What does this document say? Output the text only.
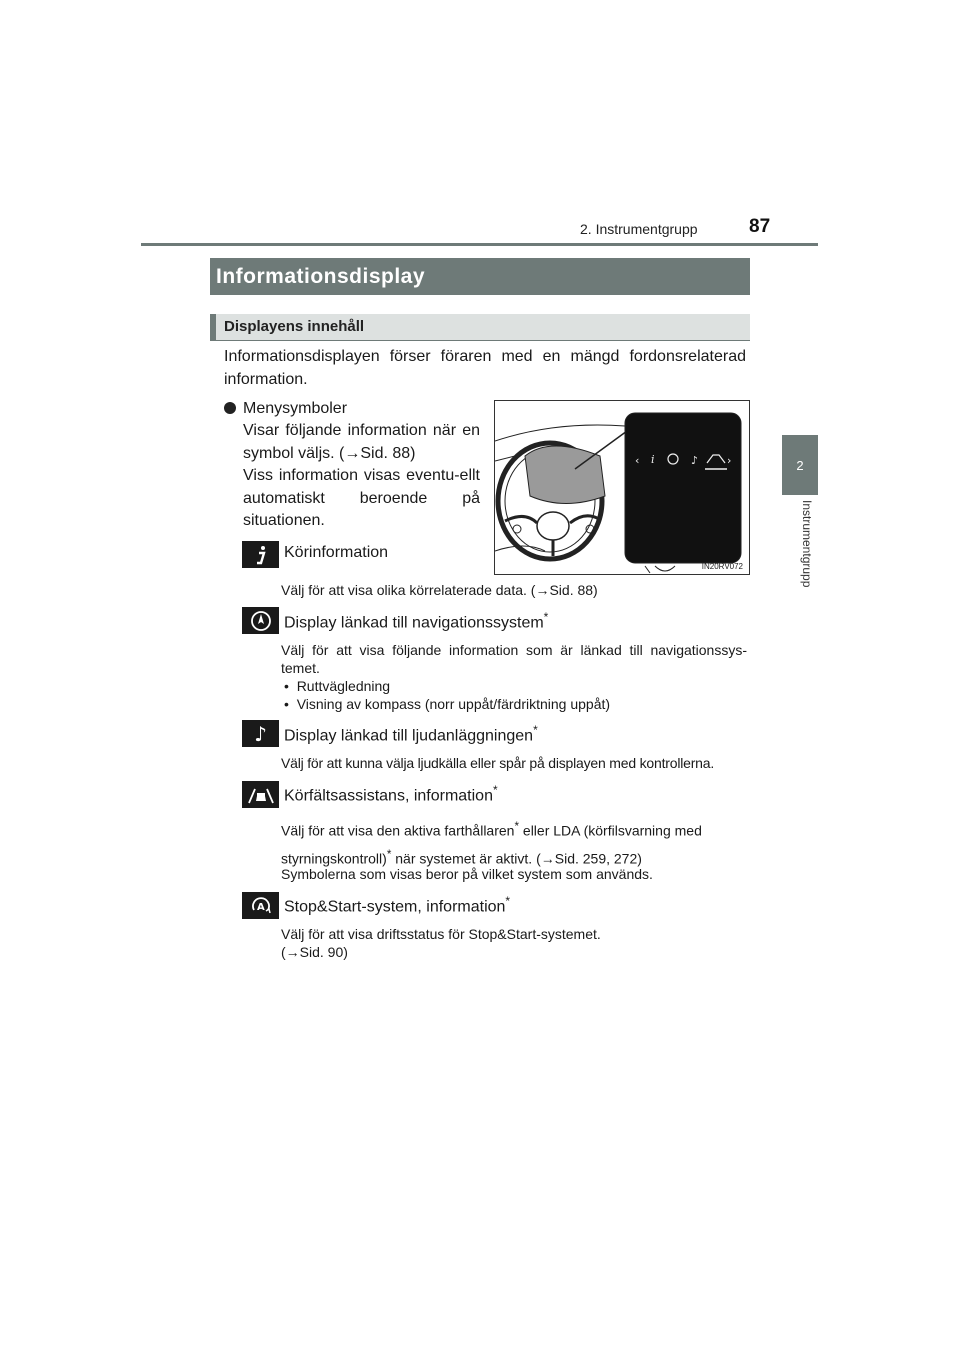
2. Instrumentgrupp	87
2
Instrumentgrupp
Informationsdisplay
Displayens innehåll
Informationsdisplayen förser föraren med en mängd fordonsrelaterad information.
Menysymboler

Visar följande information när en symbol väljs. (→Sid. 88)

Viss information visas eventu-ellt automatiskt beroende på situationen.

‹ i	♪	›
IN20RV072
Körinformation
Välj för att visa olika körrelaterade data. (→Sid. 88)
Display länkad till navigationssystem*
Välj för att visa följande information som är länkad till navigationssys-temet.
•  Ruttvägledning
•  Visning av kompass (norr uppåt/färdriktning uppåt)
♪ Display länkad till ljudanläggningen*
Välj för att kunna välja ljudkälla eller spår på displayen med kontrollerna.
Körfältsassistans, information*
Välj för att visa den aktiva farthållaren* eller LDA (körfilsvarning med
styrningskontroll)* när systemet är aktivt. (→Sid. 259, 272)
Symbolerna som visas beror på vilket system som används.
A Stop&Start-system, information*
Välj för att visa driftsstatus för Stop&Start-systemet.
(→Sid. 90)
